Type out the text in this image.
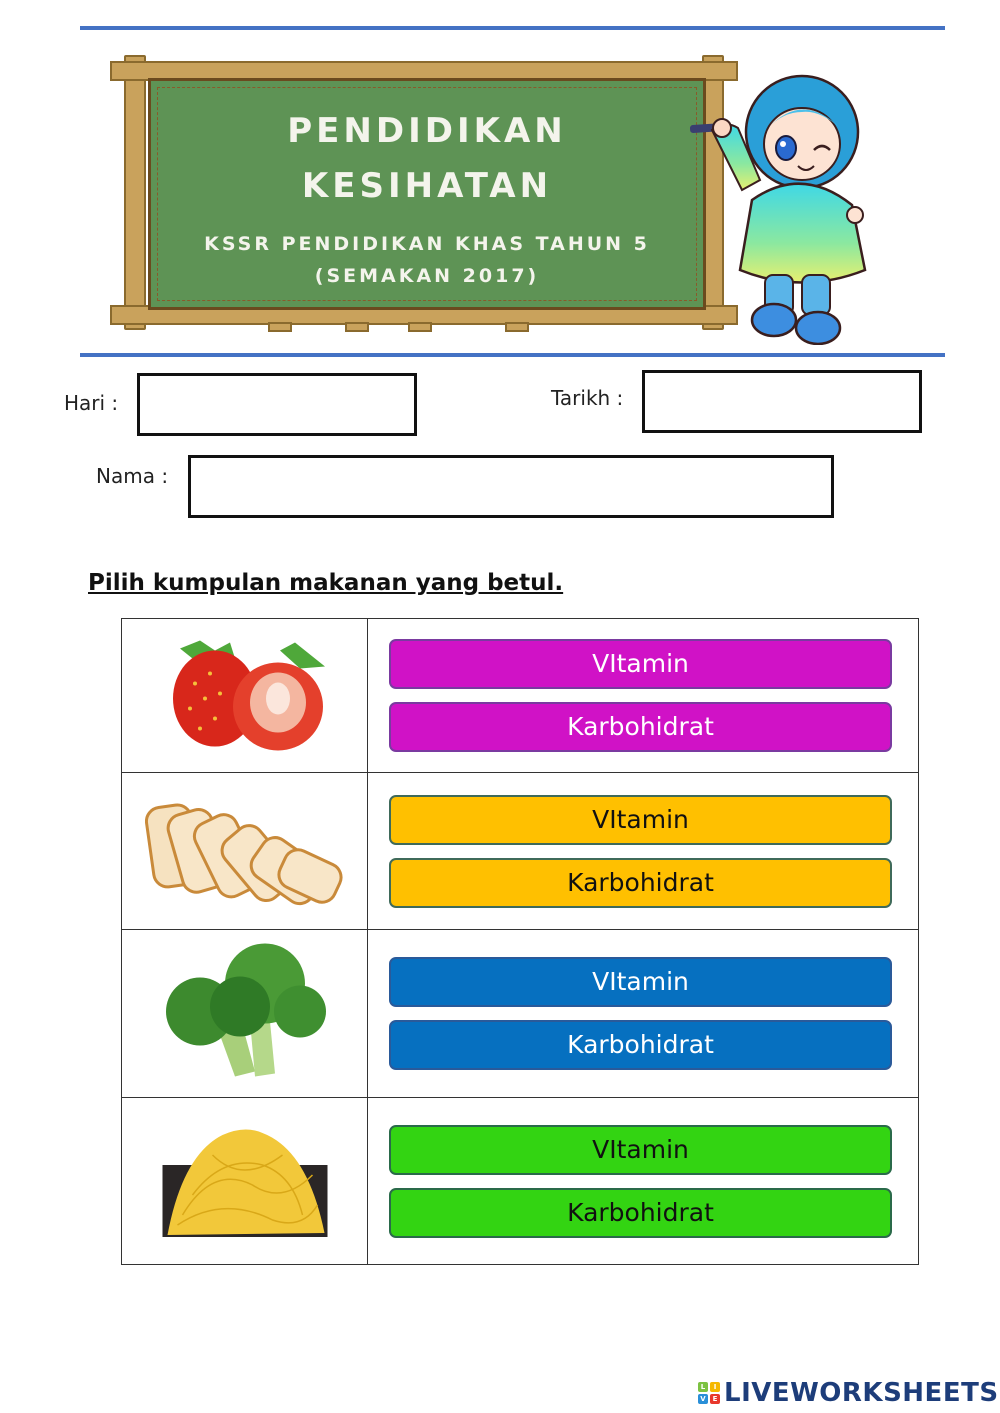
PENDIDIKAN
KESIHATAN
KSSR PENDIDIKAN KHAS TAHUN 5
(SEMAKAN 2017)
Hari :	Tarikh :
Nama :
Pilih kumpulan makanan yang betul.

VItamin
Karbohidrat

VItamin
Karbohidrat

VItamin
Karbohidrat

VItamin
Karbohidrat
L	I
V E LIVEWORKSHEETS
